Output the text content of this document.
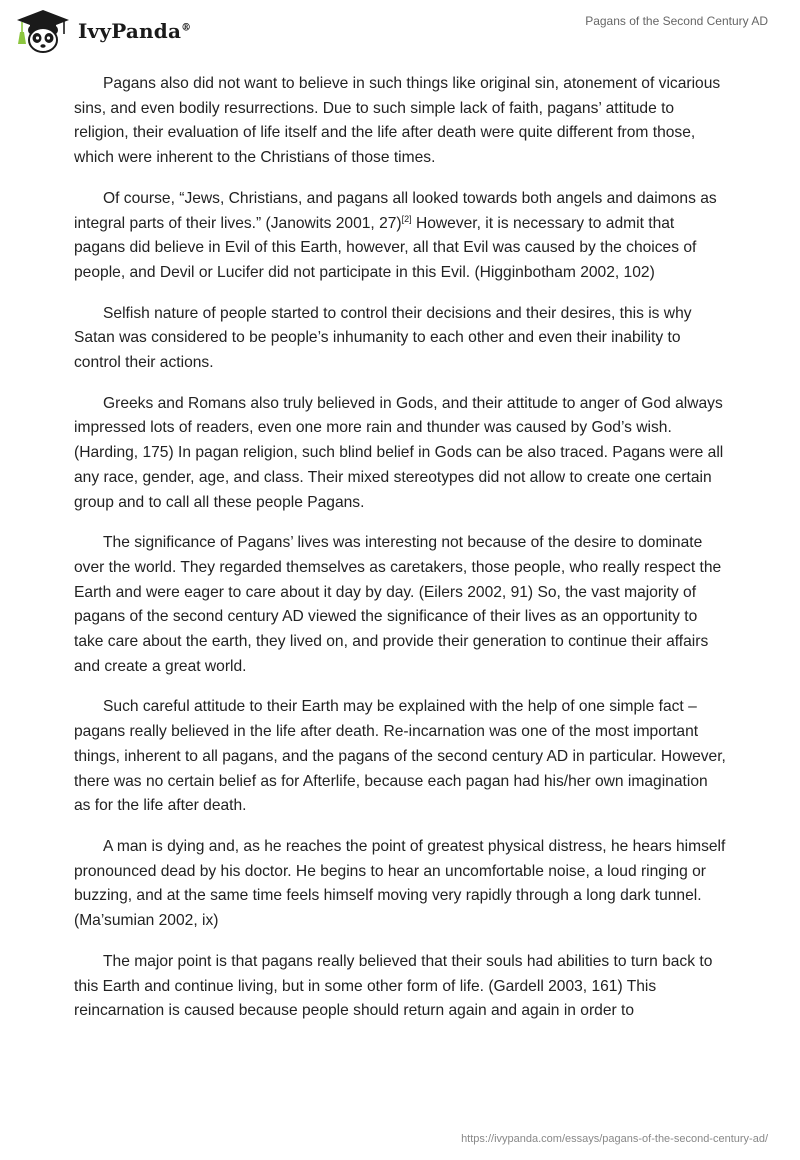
IvyPanda®	Pagans of the Second Century AD

Pagans also did not want to believe in such things like original sin, atonement of vicarious sins, and even bodily resurrections. Due to such simple lack of faith, pagans’ attitude to religion, their evaluation of life itself and the life after death were quite different from those, which were inherent to the Christians of those times.

Of course, “Jews, Christians, and pagans all looked towards both angels and daimons as integral parts of their lives.” (Janowits 2001, 27)[2] However, it is necessary to admit that pagans did believe in Evil of this Earth, however, all that Evil was caused by the choices of people, and Devil or Lucifer did not participate in this Evil. (Higginbotham 2002, 102)

Selfish nature of people started to control their decisions and their desires, this is why Satan was considered to be people’s inhumanity to each other and even their inability to control their actions.

Greeks and Romans also truly believed in Gods, and their attitude to anger of God always impressed lots of readers, even one more rain and thunder was caused by God’s wish. (Harding, 175) In pagan religion, such blind belief in Gods can be also traced. Pagans were all any race, gender, age, and class. Their mixed stereotypes did not allow to create one certain group and to call all these people Pagans.

The significance of Pagans’ lives was interesting not because of the desire to dominate over the world. They regarded themselves as caretakers, those people, who really respect the Earth and were eager to care about it day by day. (Eilers 2002, 91) So, the vast majority of pagans of the second century AD viewed the significance of their lives as an opportunity to take care about the earth, they lived on, and provide their generation to continue their affairs and create a great world.

Such careful attitude to their Earth may be explained with the help of one simple fact – pagans really believed in the life after death. Re-incarnation was one of the most important things, inherent to all pagans, and the pagans of the second century AD in particular. However, there was no certain belief as for Afterlife, because each pagan had his/her own imagination as for the life after death.

A man is dying and, as he reaches the point of greatest physical distress, he hears himself pronounced dead by his doctor. He begins to hear an uncomfortable noise, a loud ringing or buzzing, and at the same time feels himself moving very rapidly through a long dark tunnel. (Ma’sumian 2002, ix)

The major point is that pagans really believed that their souls had abilities to turn back to this Earth and continue living, but in some other form of life. (Gardell 2003, 161) This reincarnation is caused because people should return again and again in order to

https://ivypanda.com/essays/pagans-of-the-second-century-ad/
